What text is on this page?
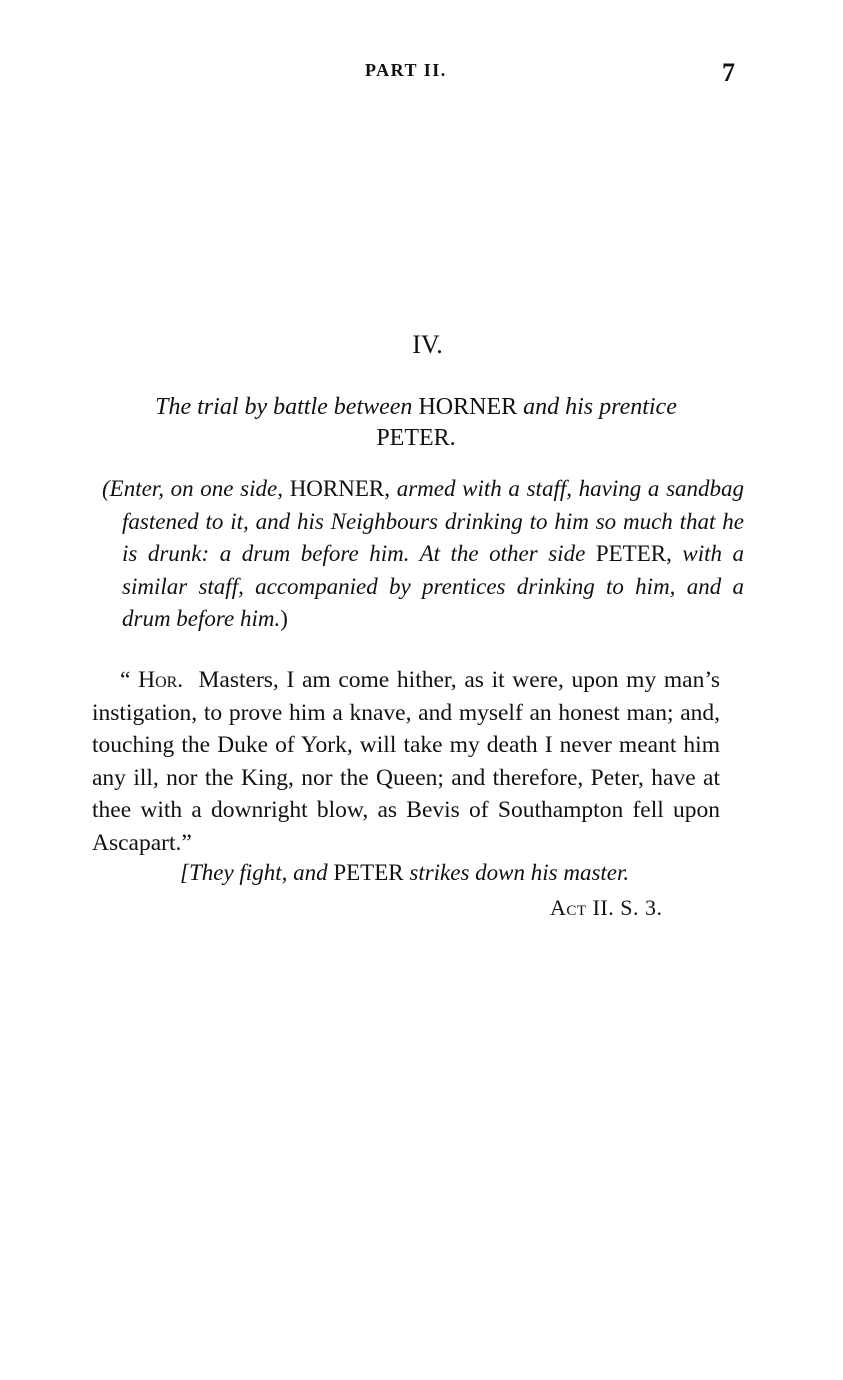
PART II.	7
IV.
The trial by battle between HORNER and his prentice
PETER.
(Enter, on one side, HORNER, armed with a staff, having a sandbag fastened to it, and his Neighbours drinking to him so much that he is drunk: a drum before him. At the other side PETER, with a similar staff, accompanied by prentices drinking to him, and a drum before him.)
“ Hor. Masters, I am come hither, as it were, upon my man’s instigation, to prove him a knave, and myself an honest man; and, touching the Duke of York, will take my death I never meant him any ill, nor the King, nor the Queen; and therefore, Peter, have at thee with a downright blow, as Bevis of Southampton fell upon Ascapart.”
[They fight, and PETER strikes down his master.
Act II. S. 3.
